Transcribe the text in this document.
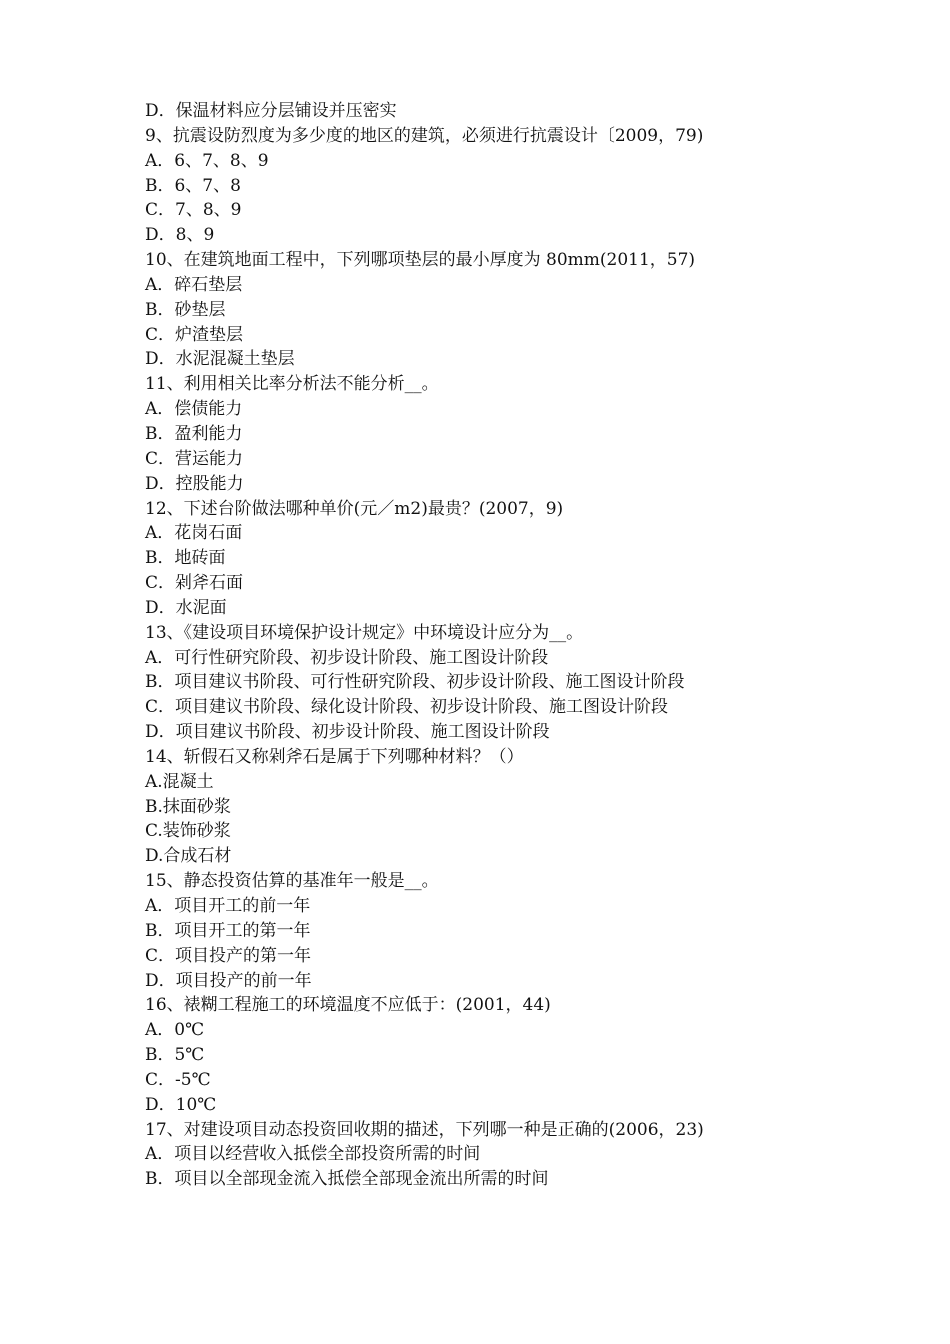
D．保温材料应分层铺设并压密实

9、抗震设防烈度为多少度的地区的建筑，必须进行抗震设计〔2009，79)

A．6、7、8、9

B．6、7、8

C．7、8、9

D．8、9

10、在建筑地面工程中，下列哪项垫层的最小厚度为 80mm(2011，57)

A．碎石垫层

B．砂垫层

C．炉渣垫层

D．水泥混凝土垫层

11、利用相关比率分析法不能分析__。

A．偿债能力

B．盈利能力

C．营运能力

D．控股能力

12、下述台阶做法哪种单价(元／m2)最贵？(2007，9)

A．花岗石面

B．地砖面

C．剁斧石面

D．水泥面

13、《建设项目环境保护设计规定》中环境设计应分为__。

A．可行性研究阶段、初步设计阶段、施工图设计阶段

B．项目建议书阶段、可行性研究阶段、初步设计阶段、施工图设计阶段

C．项目建议书阶段、绿化设计阶段、初步设计阶段、施工图设计阶段

D．项目建议书阶段、初步设计阶段、施工图设计阶段

14、斩假石又称剁斧石是属于下列哪种材料？（）

A.混凝土

B.抹面砂浆

C.装饰砂浆

D.合成石材

15、静态投资估算的基准年一般是__。

A．项目开工的前一年

B．项目开工的第一年

C．项目投产的第一年

D．项目投产的前一年

16、裱糊工程施工的环境温度不应低于：(2001，44)

A．0℃

B．5℃

C．-5℃

D．10℃

17、对建设项目动态投资回收期的描述，下列哪一种是正确的(2006，23)

A．项目以经营收入抵偿全部投资所需的时间

B．项目以全部现金流入抵偿全部现金流出所需的时间
